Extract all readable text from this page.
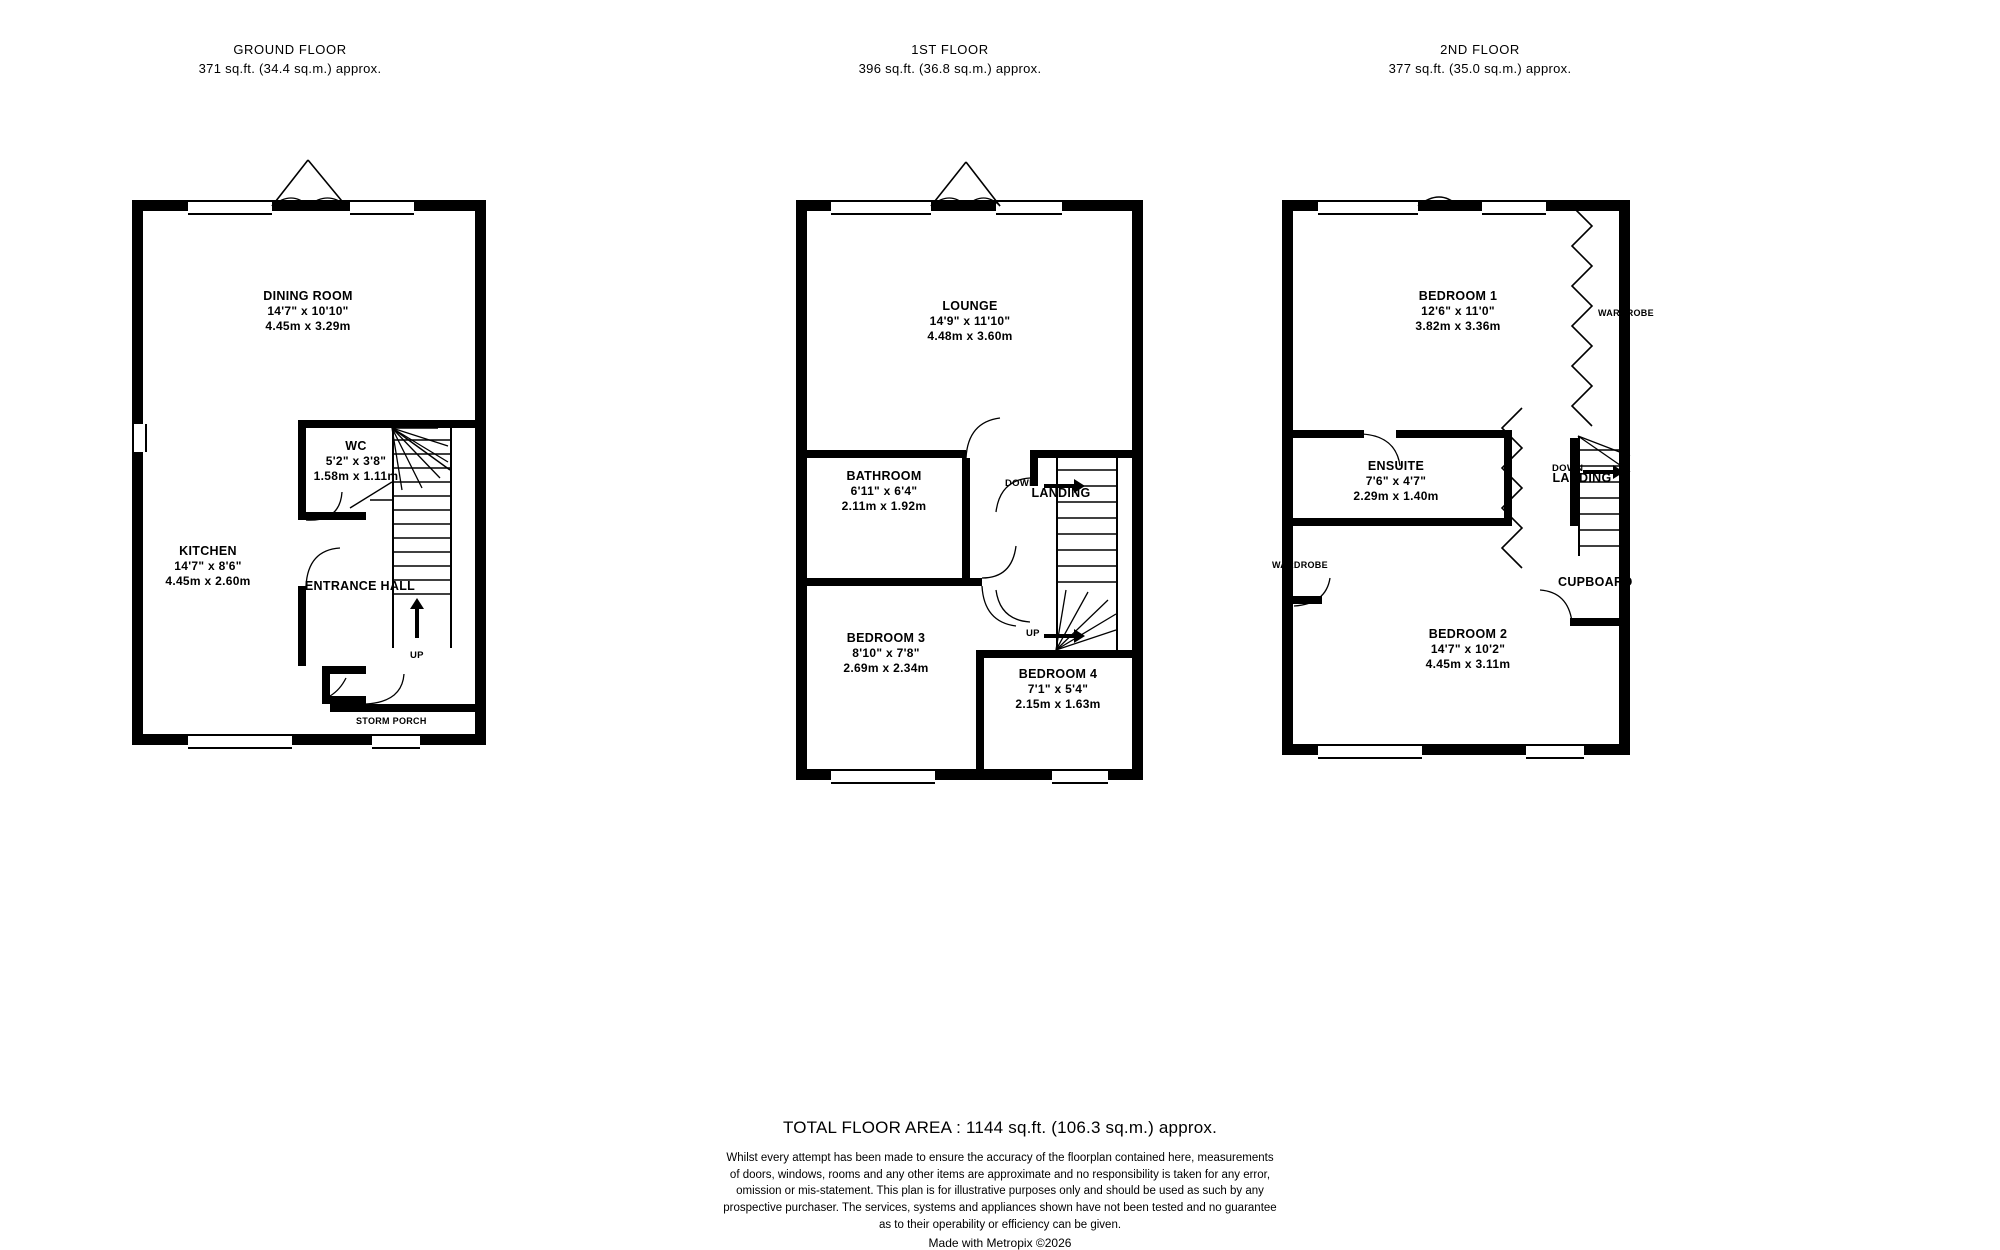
GROUND FLOOR
371 sq.ft. (34.4 sq.m.) approx.
UP
DINING ROOM
14'7" x 10'10"
4.45m x 3.29m
WC
5'2" x 3'8"
1.58m x 1.11m
KITCHEN
14'7" x 8'6"
4.45m x 2.60m	ENTRANCE HALL
STORM PORCH
1ST FLOOR
396 sq.ft. (36.8 sq.m.) approx.
DOWN
UP
LOUNGE
14'9" x 11'10"
4.48m x 3.60m
BATHROOM
6'11" x 6'4"
2.11m x 1.92m
LANDING
BEDROOM 3
8'10" x 7'8"
2.69m x 2.34m	BEDROOM 4
7'1" x 5'4"
2.15m x 1.63m
2ND FLOOR
377 sq.ft. (35.0 sq.m.) approx.
DOWN
BEDROOM 1
12'6" x 11'0"
3.82m x 3.36m
ENSUITE
7'6" x 4'7"
2.29m x 1.40m
LANDING
BEDROOM 2
14'7" x 10'2"
4.45m x 3.11m
WARDROBE
WARDROBE
CUPBOARD
TOTAL FLOOR AREA : 1144 sq.ft. (106.3 sq.m.) approx.
Whilst every attempt has been made to ensure the accuracy of the floorplan contained here, measurements
of doors, windows, rooms and any other items are approximate and no responsibility is taken for any error,
omission or mis-statement. This plan is for illustrative purposes only and should be used as such by any
prospective purchaser. The services, systems and appliances shown have not been tested and no guarantee
as to their operability or efficiency can be given.
Made with Metropix ©2026
